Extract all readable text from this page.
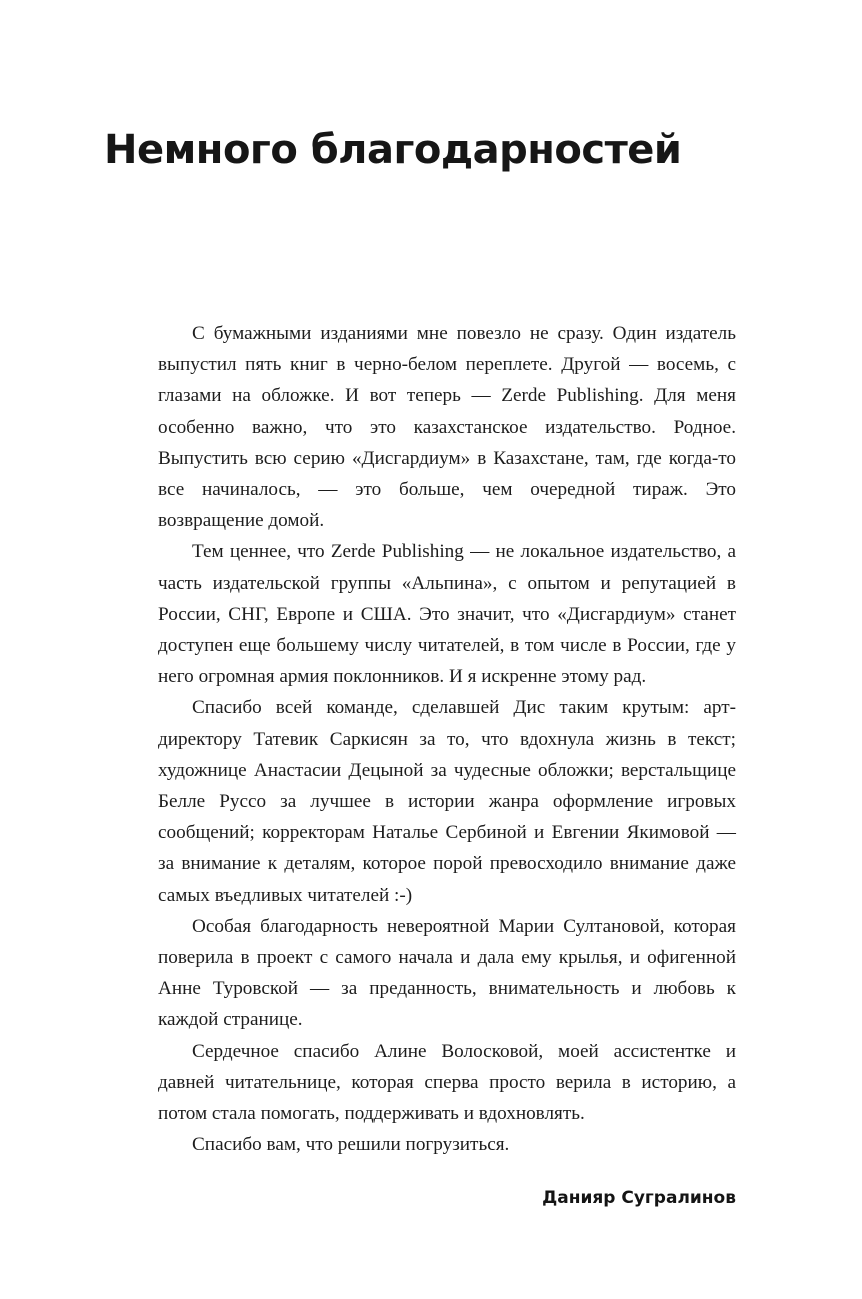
Немного благодарностей

С бумажными изданиями мне повезло не сразу. Один издатель выпустил пять книг в черно-белом переплете. Другой — восемь, с глазами на обложке. И вот теперь — Zerde Publishing. Для меня особенно важно, что это казахстанское издательство. Родное. Выпустить всю серию «Дисгардиум» в Казахстане, там, где когда-то все начиналось, — это больше, чем очередной тираж. Это возвращение домой.

Тем ценнее, что Zerde Publishing — не локальное издательство, а часть издательской группы «Альпина», с опытом и репутацией в России, СНГ, Европе и США. Это значит, что «Дисгардиум» станет доступен еще большему числу читателей, в том числе в России, где у него огромная армия поклонников. И я искренне этому рад.

Спасибо всей команде, сделавшей Дис таким крутым: арт-директору Татевик Саркисян за то, что вдохнула жизнь в текст; художнице Анастасии Децыной за чудесные обложки; верстальщице Белле Руссо за лучшее в истории жанра оформление игровых сообщений; корректорам Наталье Сербиной и Евгении Якимовой — за внимание к деталям, которое порой превосходило внимание даже самых въедливых читателей :-)

Особая благодарность невероятной Марии Султановой, которая поверила в проект с самого начала и дала ему крылья, и офигенной Анне Туровской — за преданность, внимательность и любовь к каждой странице.

Сердечное спасибо Алине Волосковой, моей ассистентке и давней читательнице, которая сперва просто верила в историю, а потом стала помогать, поддерживать и вдохновлять.

Спасибо вам, что решили погрузиться.

Данияр Сугралинов
